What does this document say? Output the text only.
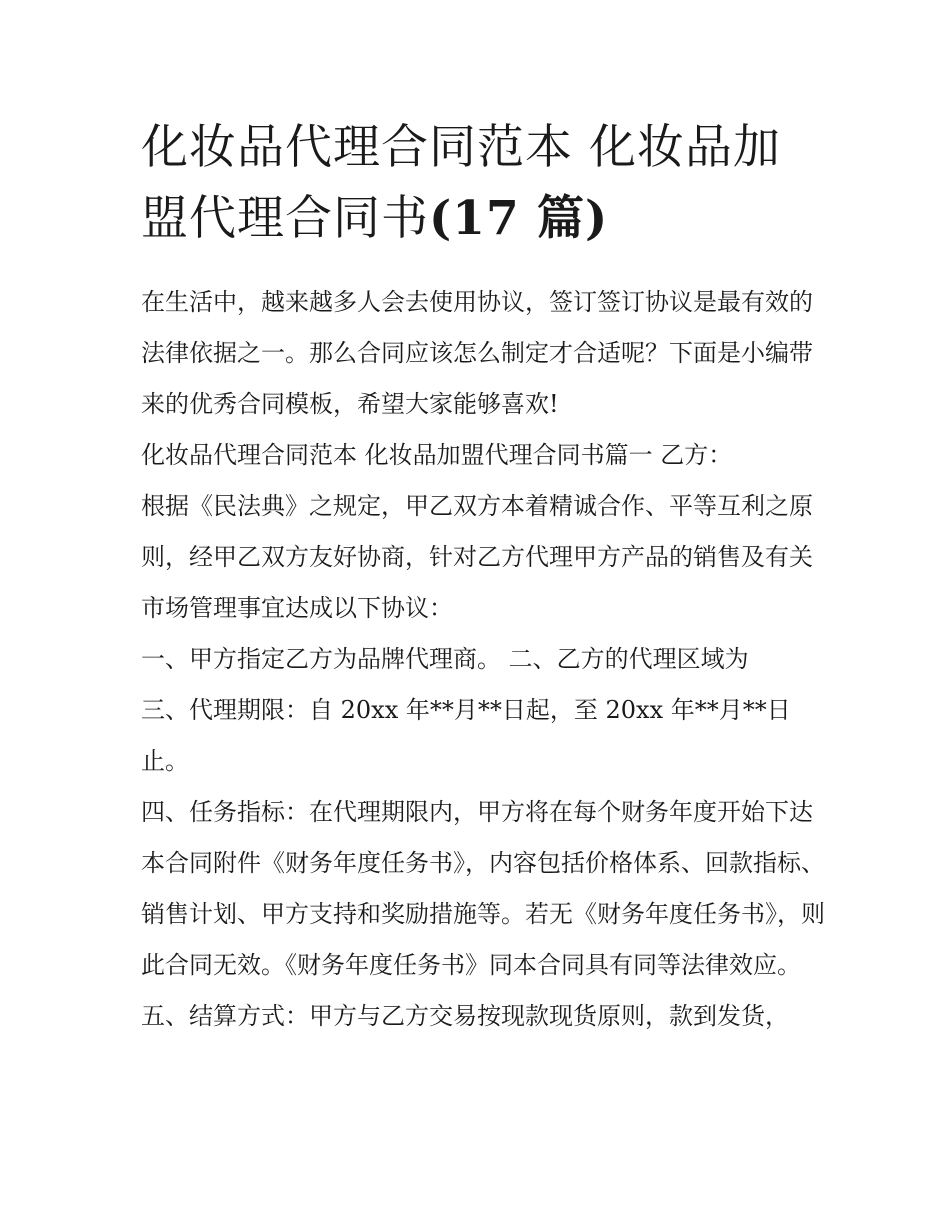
化妆品代理合同范本 化妆品加
盟代理合同书(17 篇)

在生活中，越来越多人会去使用协议，签订签订协议是最有效的法律依据之一。那么合同应该怎么制定才合适呢？下面是小编带来的优秀合同模板，希望大家能够喜欢!

化妆品代理合同范本 化妆品加盟代理合同书篇一 乙方：

根据《民法典》之规定，甲乙双方本着精诚合作、平等互利之原则，经甲乙双方友好协商，针对乙方代理甲方产品的销售及有关市场管理事宜达成以下协议：

一、甲方指定乙方为品牌代理商。 二、乙方的代理区域为

三、代理期限：自 20xx 年**月**日起，至 20xx 年**月**日止。

四、任务指标：在代理期限内，甲方将在每个财务年度开始下达本合同附件《财务年度任务书》，内容包括价格体系、回款指标、销售计划、甲方支持和奖励措施等。若无《财务年度任务书》，则此合同无效。《财务年度任务书》同本合同具有同等法律效应。

五、结算方式：甲方与乙方交易按现款现货原则，款到发货，
